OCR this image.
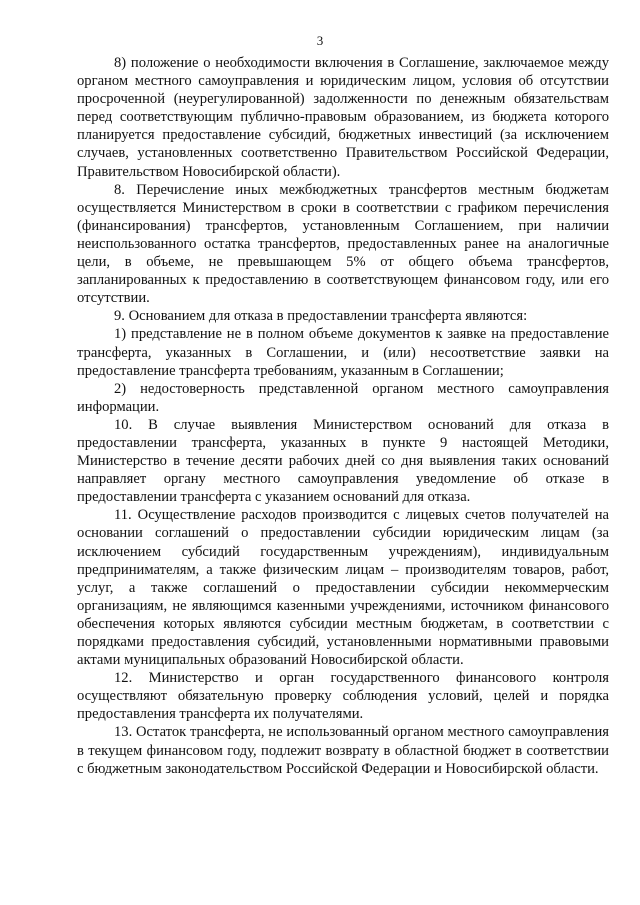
3

8) положение о необходимости включения в Соглашение, заключаемое между органом местного самоуправления и юридическим лицом, условия об отсутствии просроченной (неурегулированной) задолженности по денежным обязательствам перед соответствующим публично-правовым образованием, из бюджета которого планируется предоставление субсидий, бюджетных инвестиций (за исключением случаев, установленных соответственно Правительством Российской Федерации, Правительством Новосибирской области).

8. Перечисление иных межбюджетных трансфертов местным бюджетам осуществляется Министерством в сроки в соответствии с графиком перечисления (финансирования) трансфертов, установленным Соглашением, при наличии неиспользованного остатка трансфертов, предоставленных ранее на аналогичные цели, в объеме, не превышающем 5% от общего объема трансфертов, запланированных к предоставлению в соответствующем финансовом году, или его отсутствии.

9. Основанием для отказа в предоставлении трансферта являются:

1) представление не в полном объеме документов к заявке на предоставление трансферта, указанных в Соглашении, и (или) несоответствие заявки на предоставление трансферта требованиям, указанным в Соглашении;

2) недостоверность представленной органом местного самоуправления информации.

10. В случае выявления Министерством оснований для отказа в предоставлении трансферта, указанных в пункте 9 настоящей Методики, Министерство в течение десяти рабочих дней со дня выявления таких оснований направляет органу местного самоуправления уведомление об отказе в предоставлении трансферта с указанием оснований для отказа.

11. Осуществление расходов производится с лицевых счетов получателей на основании соглашений о предоставлении субсидии юридическим лицам (за исключением субсидий государственным учреждениям), индивидуальным предпринимателям, а также физическим лицам – производителям товаров, работ, услуг, а также соглашений о предоставлении субсидии некоммерческим организациям, не являющимся казенными учреждениями, источником финансового обеспечения которых являются субсидии местным бюджетам, в соответствии с порядками предоставления субсидий, установленными нормативными правовыми актами муниципальных образований Новосибирской области.

12. Министерство и орган государственного финансового контроля осуществляют обязательную проверку соблюдения условий, целей и порядка предоставления трансферта их получателями.

13. Остаток трансферта, не использованный органом местного самоуправления в текущем финансовом году, подлежит возврату в областной бюджет в соответствии с бюджетным законодательством Российской Федерации и Новосибирской области.
